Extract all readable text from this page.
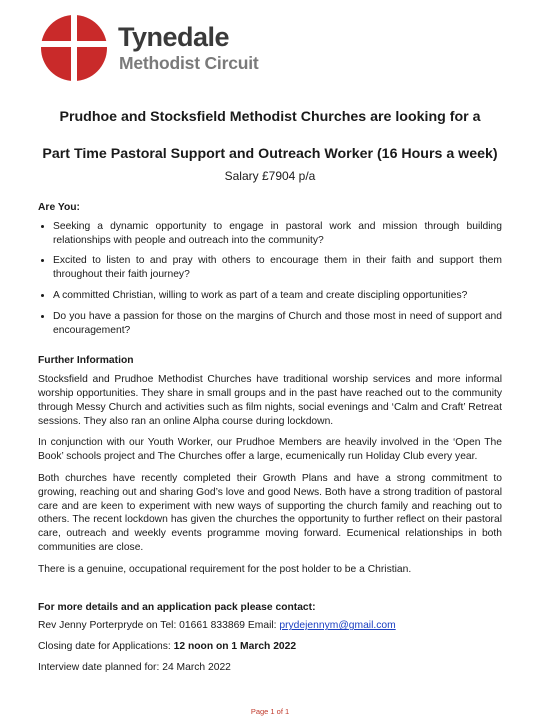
Tynedale
Methodist Circuit
Prudhoe and Stocksfield Methodist Churches are looking for a
Part Time Pastoral Support and Outreach Worker (16 Hours a week)
Salary £7904 p/a
Are You:
• Seeking a dynamic opportunity to engage in pastoral work and mission through building relationships with people and outreach into the community?
• Excited to listen to and pray with others to encourage them in their faith and support them throughout their faith journey?
• A committed Christian, willing to work as part of a team and create discipling opportunities?
• Do you have a passion for those on the margins of Church and those most in need of support and encouragement?
Further Information

Stocksfield and Prudhoe Methodist Churches have traditional worship services and more informal worship opportunities. They share in small groups and in the past have reached out to the community through Messy Church and activities such as film nights, social evenings and ‘Calm and Craft’ Retreat sessions. They also ran an online Alpha course during lockdown.

In conjunction with our Youth Worker, our Prudhoe Members are heavily involved in the ‘Open The Book’ schools project and The Churches offer a large, ecumenically run Holiday Club every year.

Both churches have recently completed their Growth Plans and have a strong commitment to growing, reaching out and sharing God’s love and good News. Both have a strong tradition of pastoral care and are keen to experiment with new ways of supporting the church family and reaching out to others. The recent lockdown has given the churches the opportunity to further reflect on their pastoral care, outreach and weekly events programme moving forward. Ecumenical relationships in both communities are close.

There is a genuine, occupational requirement for the post holder to be a Christian.

For more details and an application pack please contact:

Rev Jenny Porterpryde on Tel: 01661 833869 Email: prydejennym@gmail.com

Closing date for Applications: 12 noon on 1 March 2022

Interview date planned for: 24 March 2022

Page 1 of 1
